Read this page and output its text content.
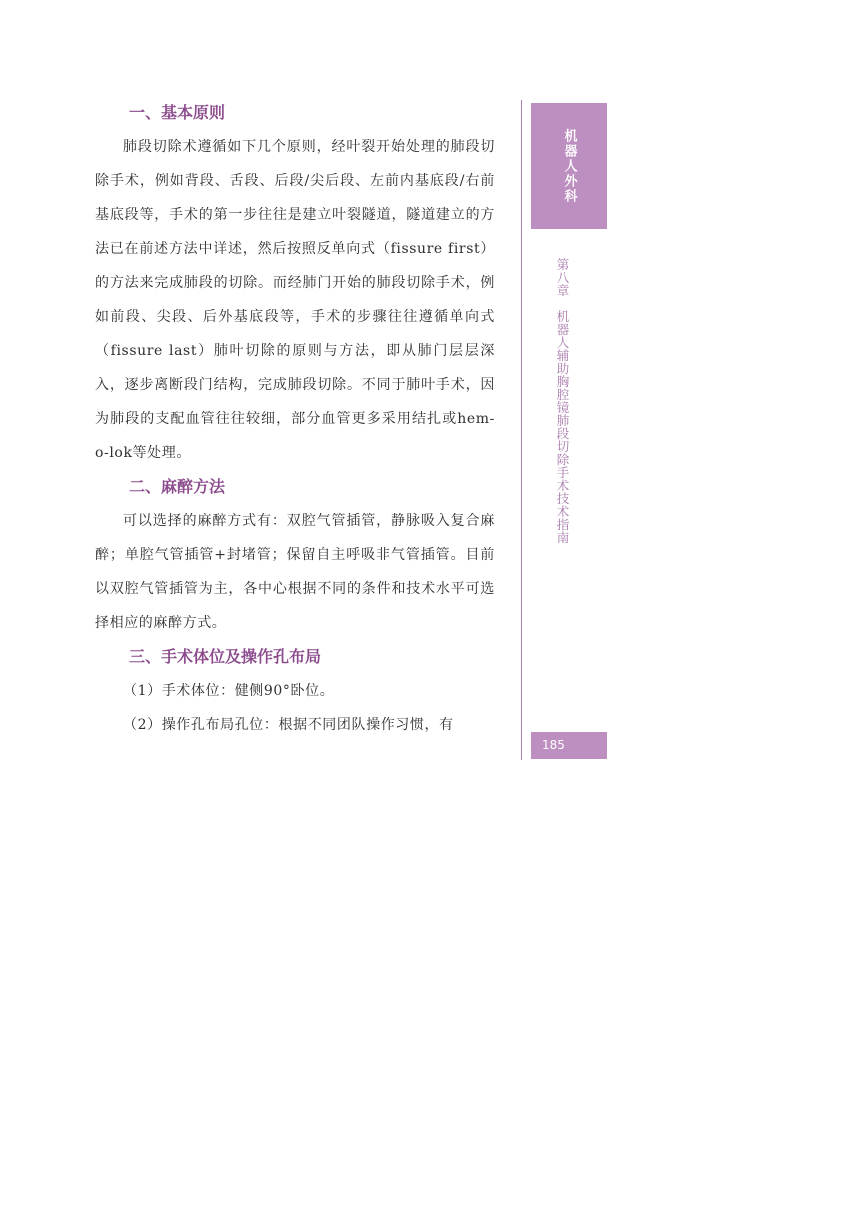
一、基本原则

肺段切除术遵循如下几个原则，经叶裂开始处理的肺段切除手术，例如背段、舌段、后段/尖后段、左前内基底段/右前基底段等，手术的第一步往往是建立叶裂隧道，隧道建立的方法已在前述方法中详述，然后按照反单向式（fissure first）的方法来完成肺段的切除。而经肺门开始的肺段切除手术，例如前段、尖段、后外基底段等，手术的步骤往往遵循单向式（fissure last）肺叶切除的原则与方法，即从肺门层层深入，逐步离断段门结构，完成肺段切除。不同于肺叶手术，因为肺段的支配血管往往较细，部分血管更多采用结扎或hem-o-lok等处理。

二、麻醉方法

可以选择的麻醉方式有：双腔气管插管，静脉吸入复合麻醉；单腔气管插管+封堵管；保留自主呼吸非气管插管。目前以双腔气管插管为主，各中心根据不同的条件和技术水平可选择相应的麻醉方式。

三、手术体位及操作孔布局

（1）手术体位：健侧90°卧位。

（2）操作孔布局孔位：根据不同团队操作习惯，有

机器人外科
第八章　机器人辅助胸腔镜肺段切除手术技术指南
185
